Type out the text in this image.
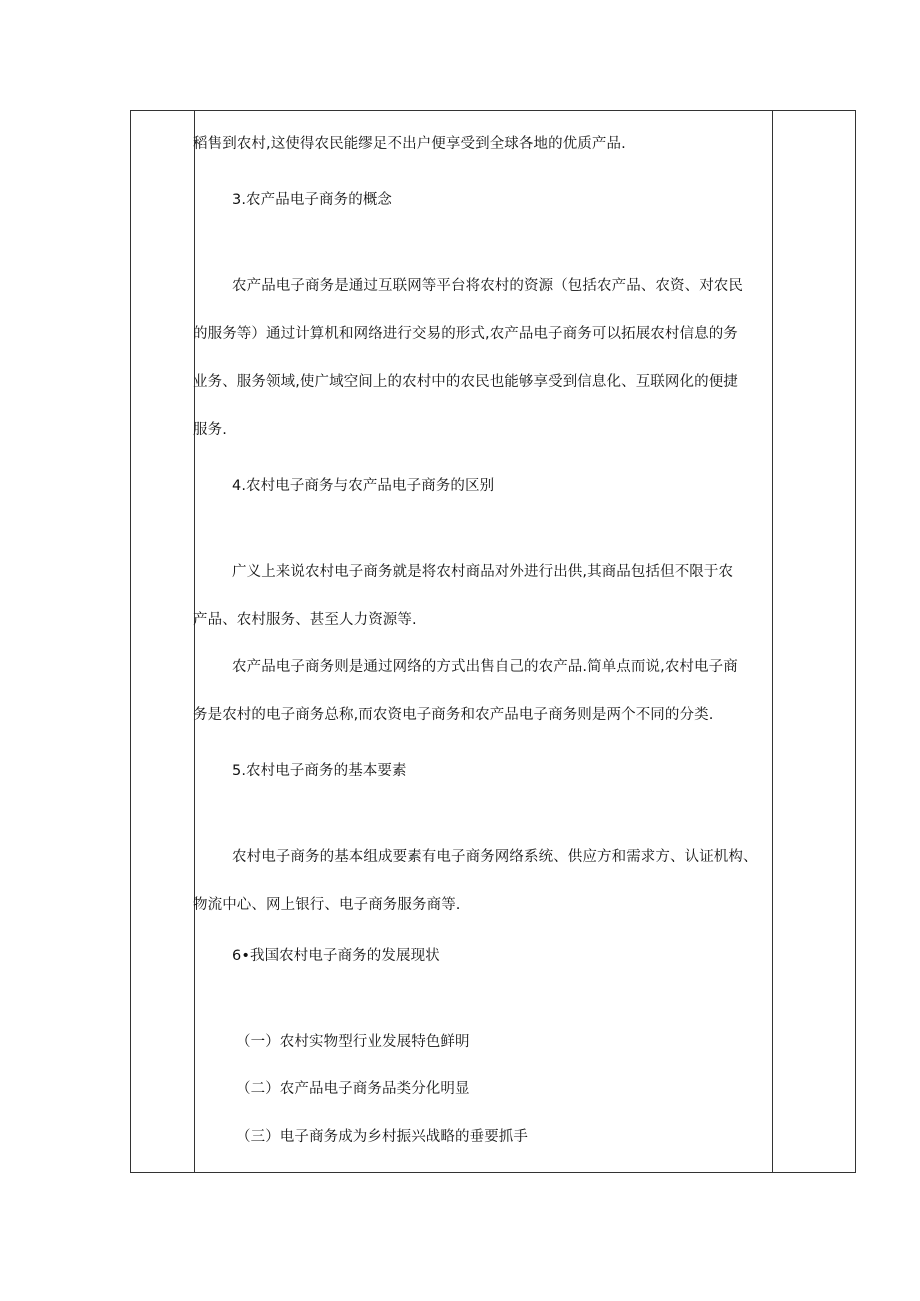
稻售到农村,这使得农民能缪足不出户便享受到全球各地的优质产品.
3.农产品电子商务的概念
农产品电子商务是通过互联网等平台将农村的资源（包括农产品、农资、对农民
的服务等）通过计算机和网络进行交易的形式,农产品电子商务可以拓展农村信息的务
业务、服务领域,使广域空间上的农村中的农民也能够享受到信息化、互联网化的便捷
服务.
4.农村电子商务与农产品电子商务的区别
广义上来说农村电子商务就是将农村商品对外进行出供,其商品包括但不限于农
产品、农村服务、甚至人力资源等.
农产品电子商务则是通过网络的方式出售自己的农产品.简单点而说,农村电子商
务是农村的电子商务总称,而农资电子商务和农产品电子商务则是两个不同的分类.
5.农村电子商务的基本要素
农村电子商务的基本组成要素有电子商务网络系统、供应方和需求方、认证机构、
物流中心、网上银行、电子商务服务商等.
6•我国农村电子商务的发展现状
（一）农村实物型行业发展特色鲜明
（二）农产品电子商务品类分化明显
（三）电子商务成为乡村振兴战略的垂要抓手
